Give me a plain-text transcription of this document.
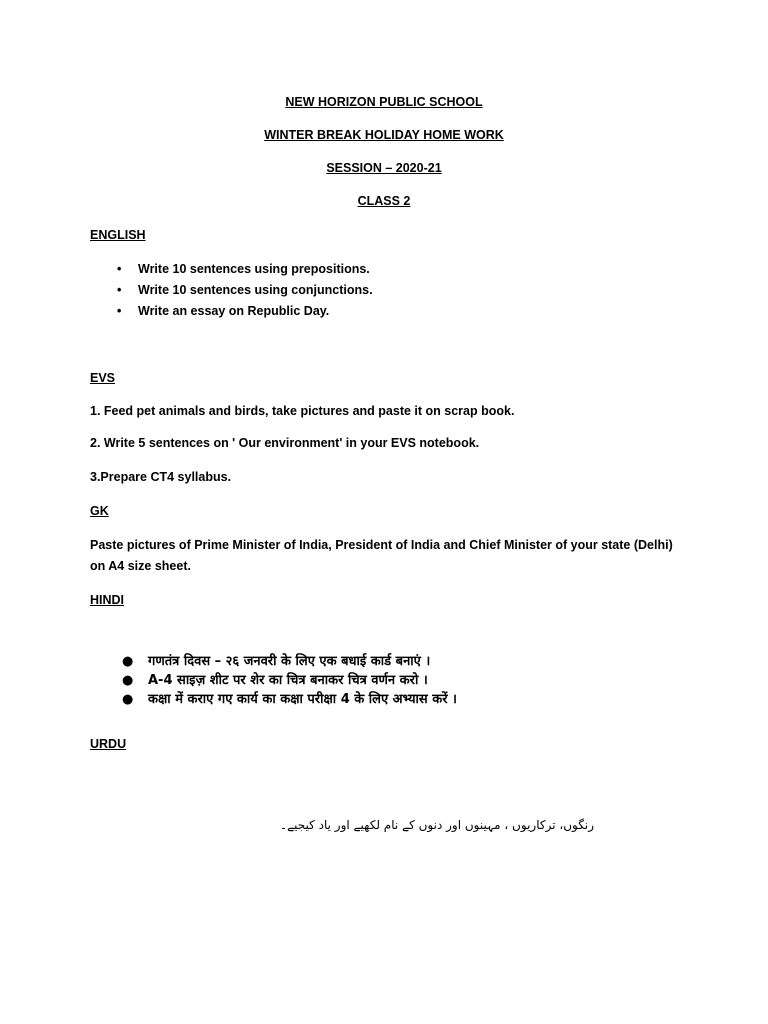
NEW HORIZON PUBLIC SCHOOL
WINTER BREAK HOLIDAY HOME WORK
SESSION – 2020-21
CLASS 2
ENGLISH
• Write 10 sentences using prepositions.
• Write 10 sentences using conjunctions.
• Write an essay on Republic Day.
EVS
1. Feed pet animals and birds, take pictures and paste it on scrap book.
2. Write 5 sentences on ' Our environment' in your EVS notebook.
3.Prepare CT4 syllabus.
GK
Paste pictures of Prime Minister of India, President of India and Chief Minister of your state (Delhi) on A4 size sheet.
HINDI
● गणतंत्र दिवस – २६ जनवरी के लिए एक बधाई कार्ड बनाएं ।
● A-4 साइज़ शीट पर शेर का चित्र बनाकर चित्र वर्णन करो ।
● कक्षा में कराए गए कार्य का कक्षा परीक्षा 4 के लिए अभ्यास करें ।
URDU
رنگوں، ترکاریوں ، مہینوں اور دنوں کے نام لکھیے اور یاد کیجیے۔
